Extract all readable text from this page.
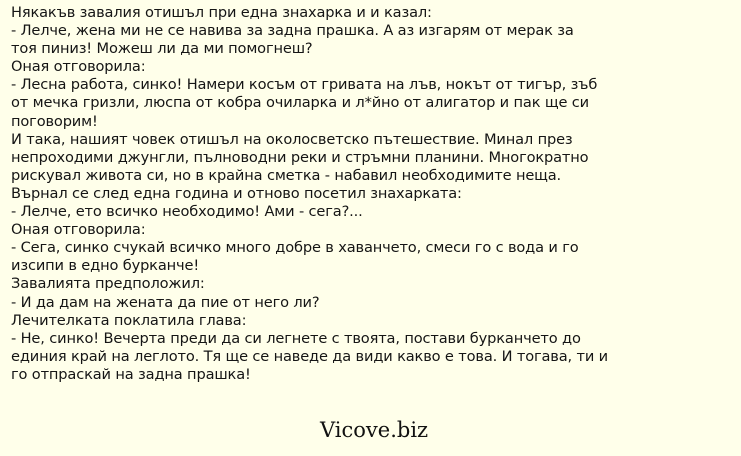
Някакъв завалия отишъл при една знахарка и и казал:
- Лелче, жена ми не се навива за задна прашка. А аз изгарям от мерак за
тоя пиниз! Можеш ли да ми помогнеш?
Оная отговорила:
- Лесна работа, синко! Намери косъм от гривата на лъв, нокът от тигър, зъб
от мечка гризли, люспа от кобра очиларка и л*йно от алигатор и пак ще си
поговорим!
И така, нашият човек отишъл на околосветско пътешествие. Минал през
непроходими джунгли, пълноводни реки и стръмни планини. Многократно
рискувал живота си, но в крайна сметка - набавил необходимите неща.
Върнал се след една година и отново посетил знахарката:
- Лелче, ето всичко необходимо! Ами - сега?...
Оная отговорила:
- Сега, синко счукай всичко много добре в хаванчето, смеси го с вода и го
изсипи в едно бурканче!
Завалията предположил:
- И да дам на жената да пие от него ли?
Лечителката поклатила глава:
- Не, синко! Вечерта преди да си легнете с твоята, постави бурканчето до
единия край на леглото. Тя ще се наведе да види какво е това. И тогава, ти и
го отпраскай на задна прашка!
Vicove.biz
